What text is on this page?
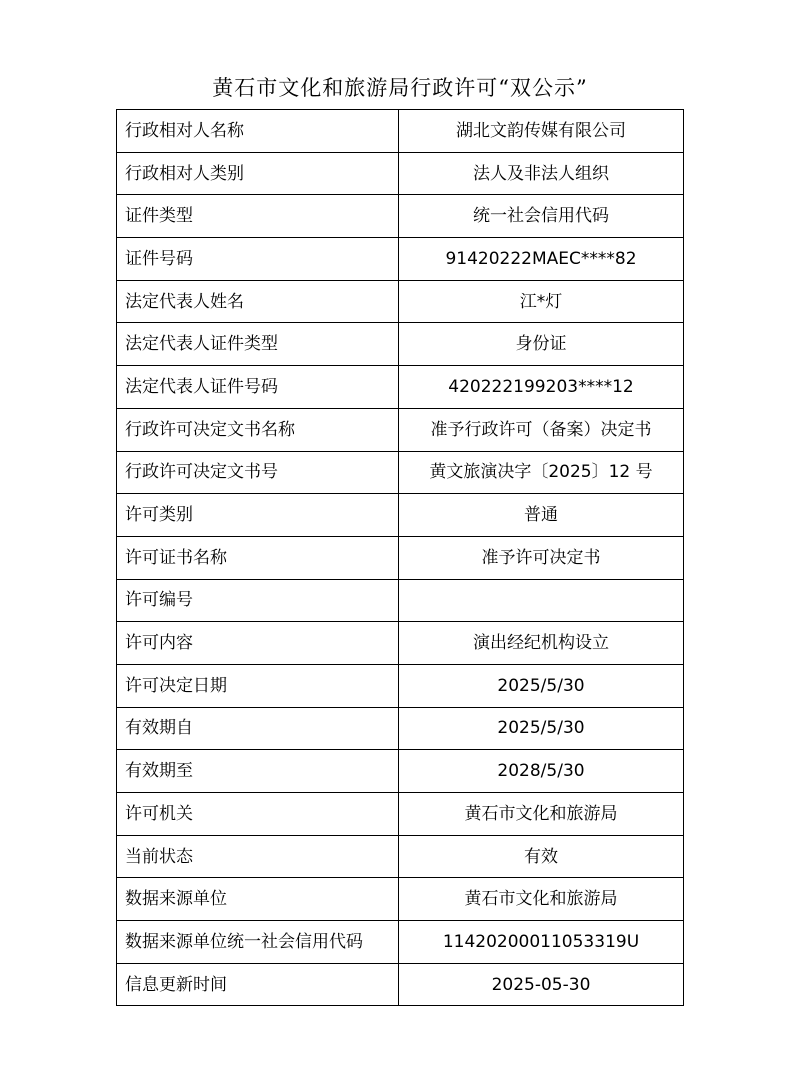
黄石市文化和旅游局行政许可“双公示”
行政相对人名称	湖北文韵传媒有限公司
行政相对人类别	法人及非法人组织
证件类型	统一社会信用代码
证件号码	91420222MAEC****82
法定代表人姓名	江*灯
法定代表人证件类型	身份证
法定代表人证件号码	420222199203****12
行政许可决定文书名称	准予行政许可（备案）决定书
行政许可决定文书号	黄文旅演决字〔2025〕12 号
许可类别	普通
许可证书名称	准予许可决定书
许可编号	
许可内容	演出经纪机构设立
许可决定日期	2025/5/30
有效期自	2025/5/30
有效期至	2028/5/30
许可机关	黄石市文化和旅游局
当前状态	有效
数据来源单位	黄石市文化和旅游局
数据来源单位统一社会信用代码	11420200011053319U
信息更新时间	2025-05-30
